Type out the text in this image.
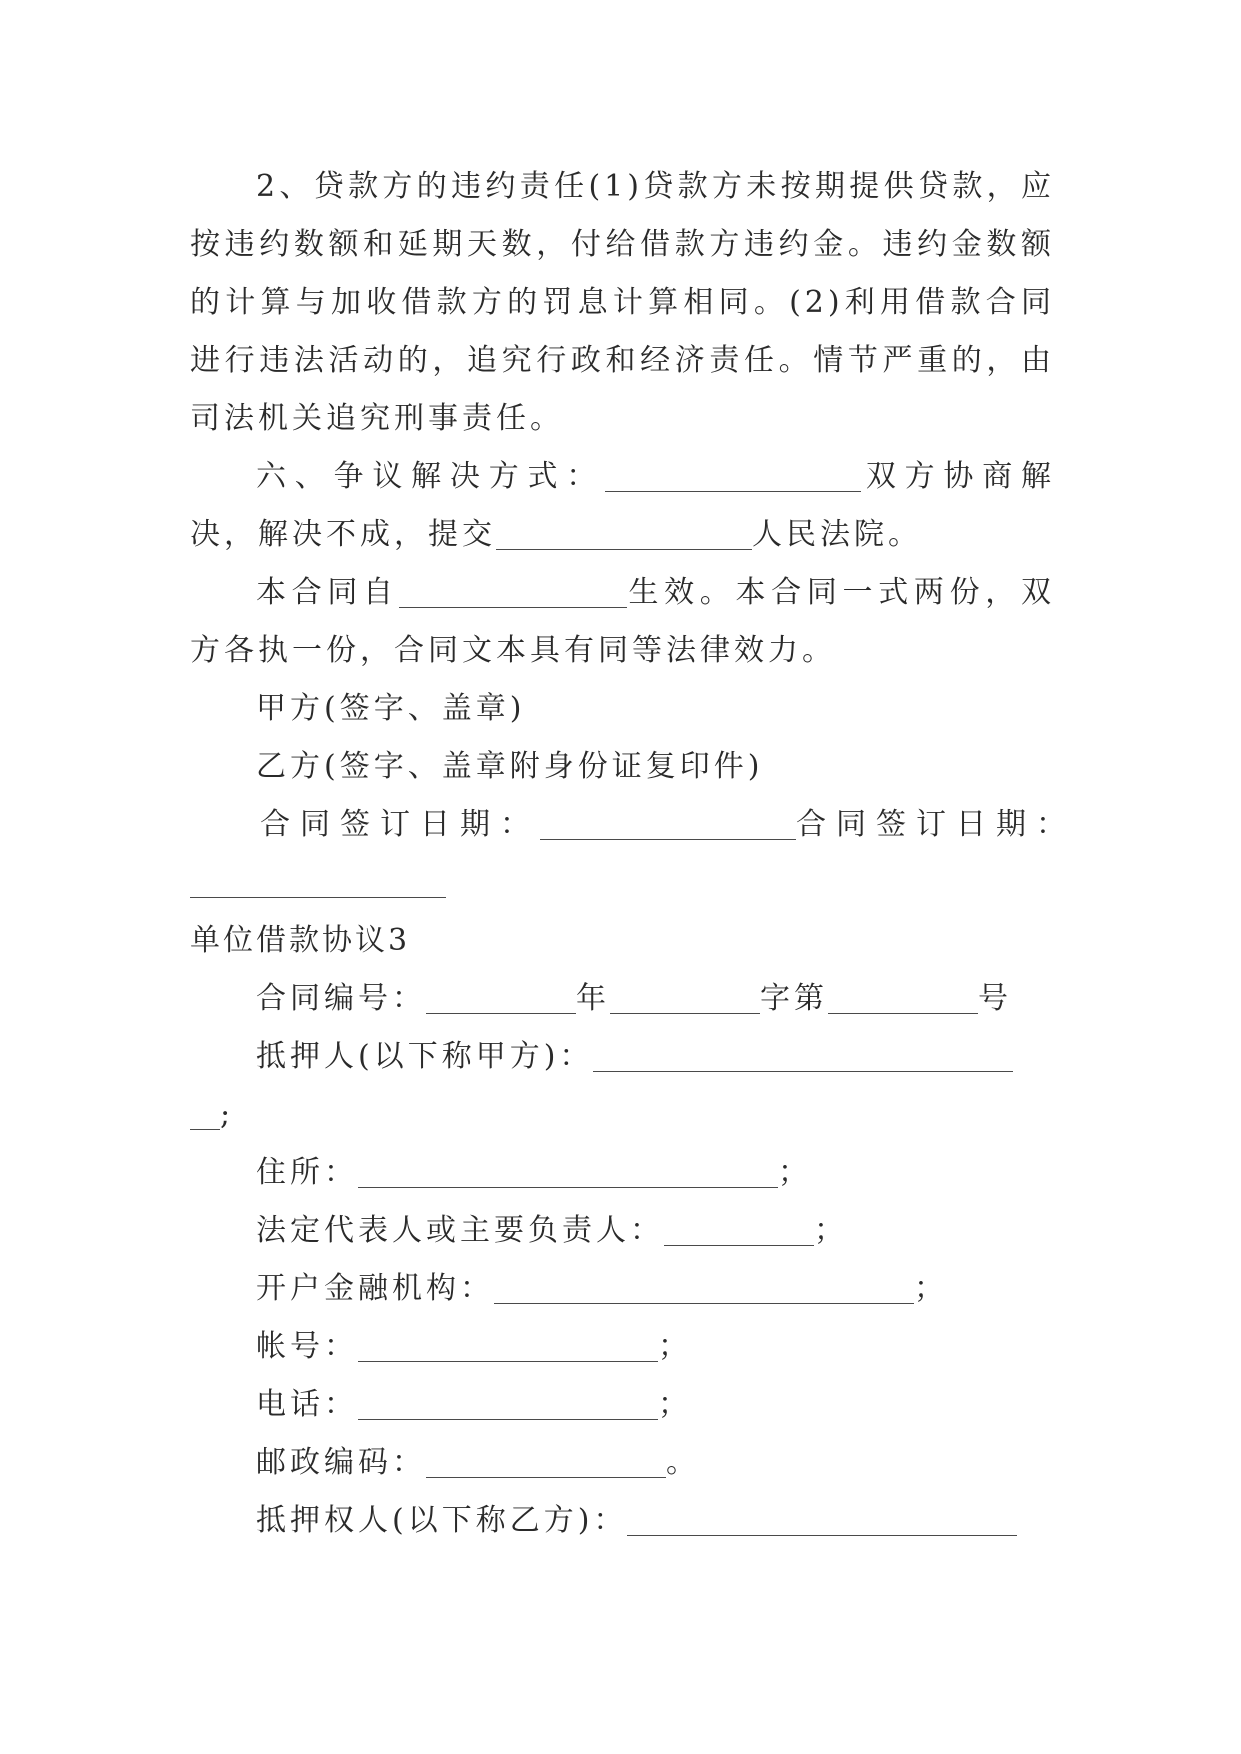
2、贷款方的违约责任(1)贷款方未按期提供贷款，应按违约数额和延期天数，付给借款方违约金。违约金数额的计算与加收借款方的罚息计算相同。(2)利用借款合同进行违法活动的，追究行政和经济责任。情节严重的，由司法机关追究刑事责任。

六、争议解决方式：	双方协商解决，解决不成，提交	人民法院。

本合同自	生效。本合同一式两份，双方各执一份，合同文本具有同等法律效力。

甲方(签字、盖章)

乙方(签字、盖章附身份证复印件)

合同签订日期：	合同签订日期：

单位借款协议3

合同编号：	年	字第	号

抵押人(以下称甲方)：

;

住所：	；

法定代表人或主要负责人：	；

开户金融机构：	；

帐号：	；

电话：	；

邮政编码：	。

抵押权人(以下称乙方)：
